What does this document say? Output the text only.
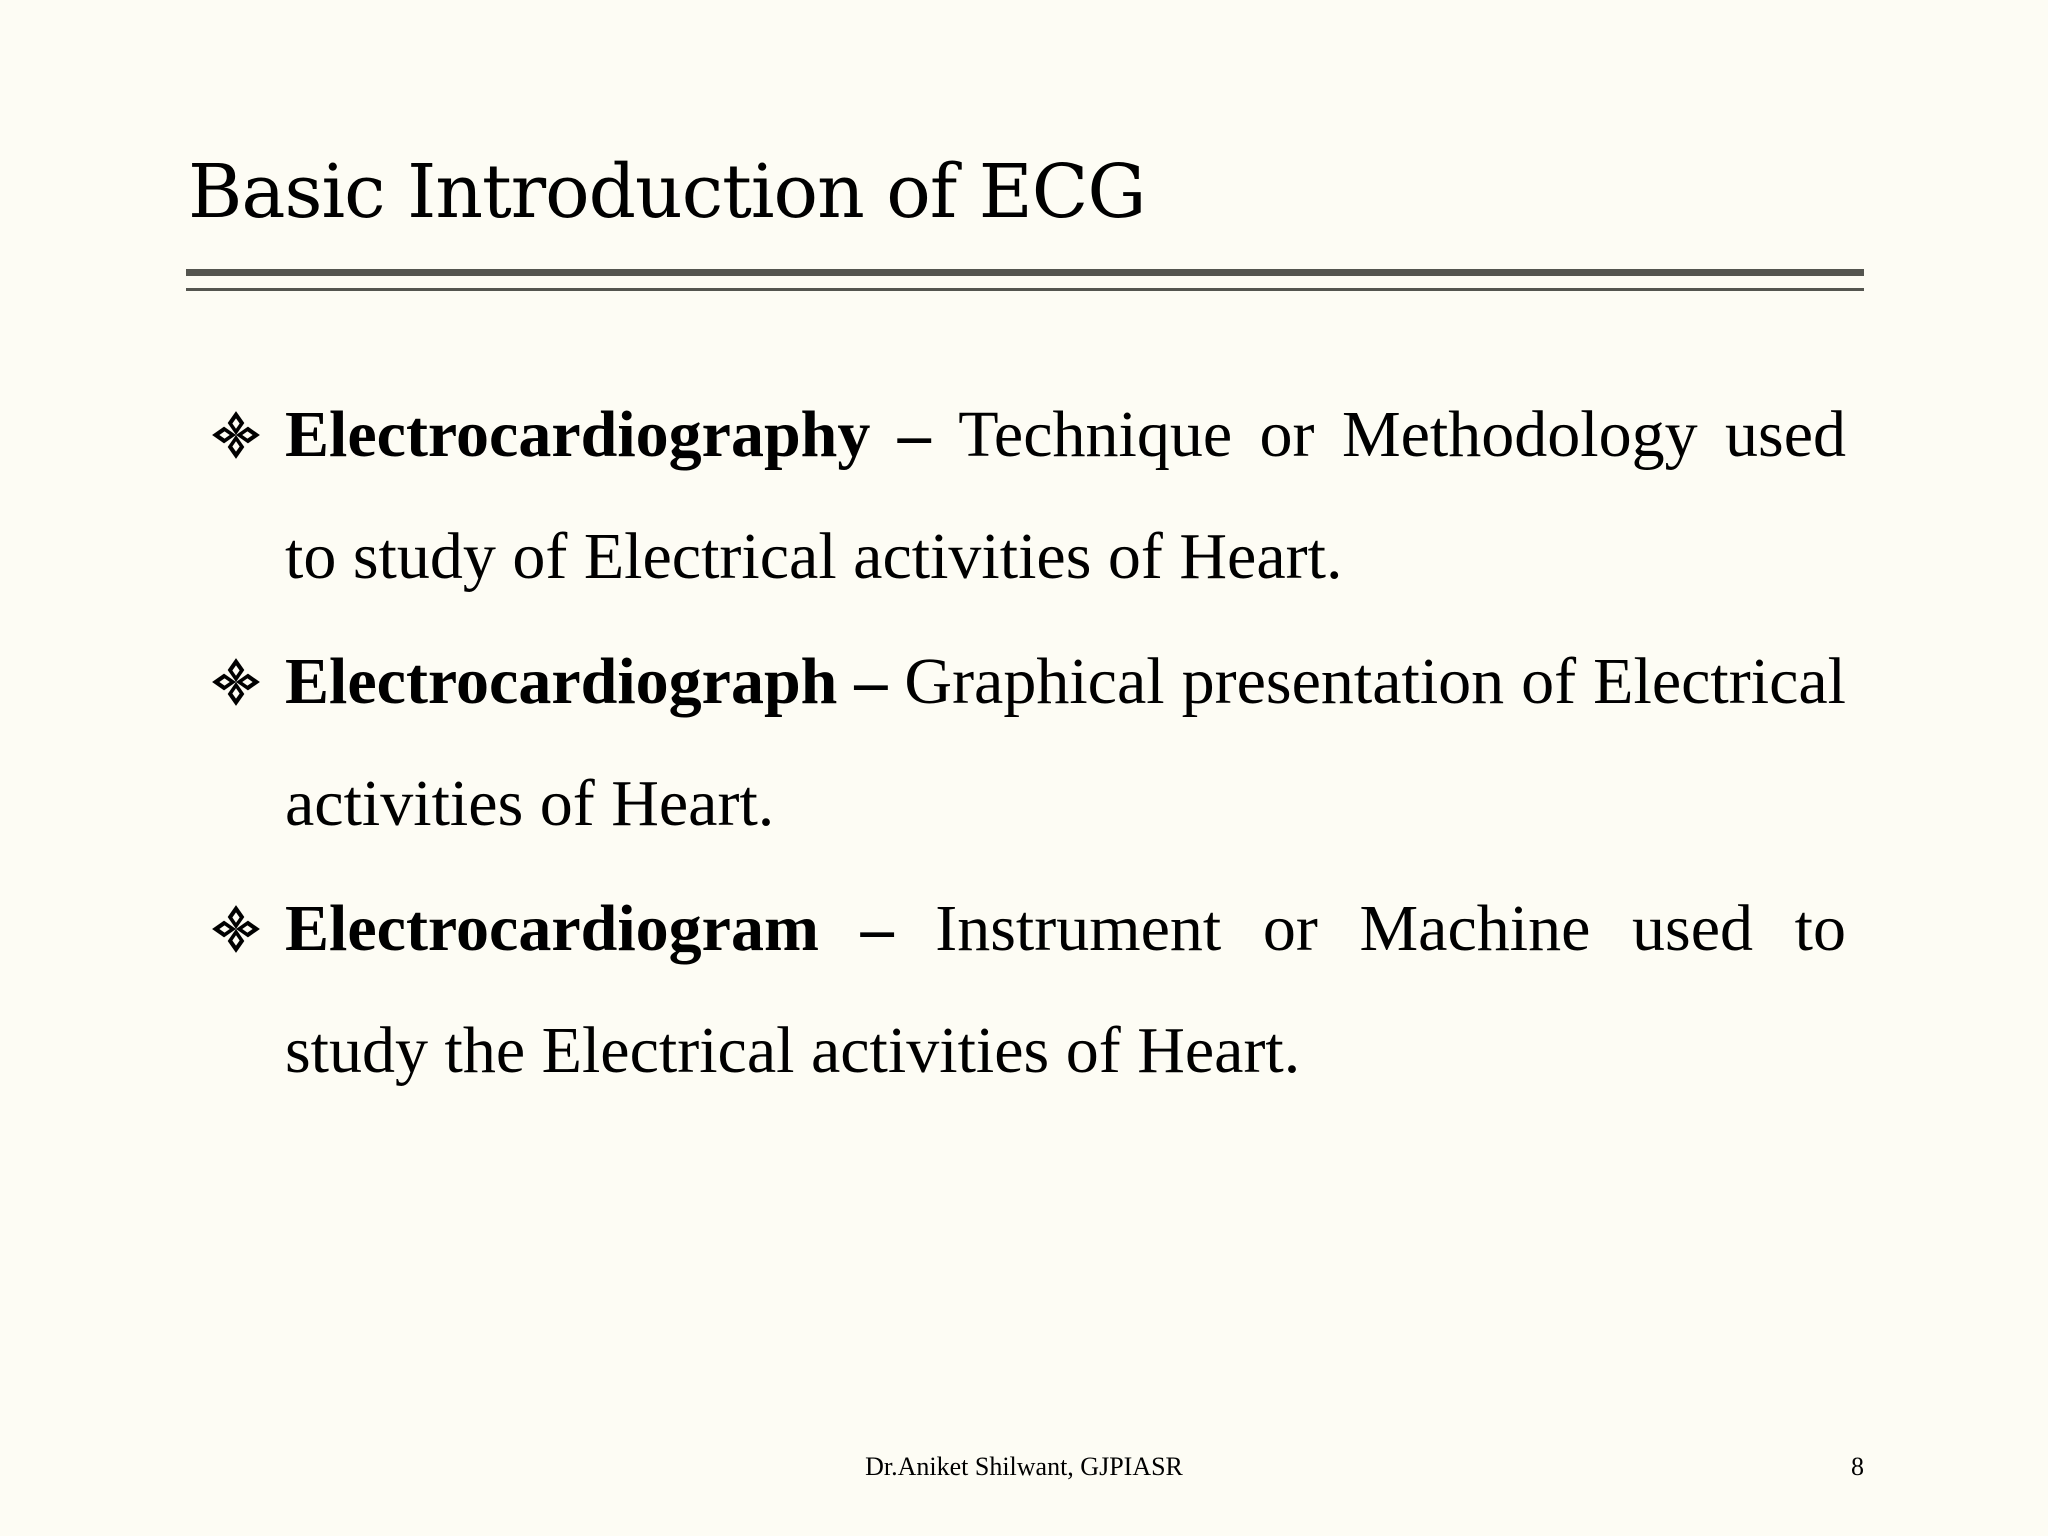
Basic Introduction of ECG
Electrocardiography – Technique or Methodology used to study of Electrical activities of Heart.
Electrocardiograph – Graphical presentation of Electrical activities of Heart.
Electrocardiogram – Instrument or Machine used to study the Electrical activities of Heart.
Dr.Aniket Shilwant, GJPIASR	8
